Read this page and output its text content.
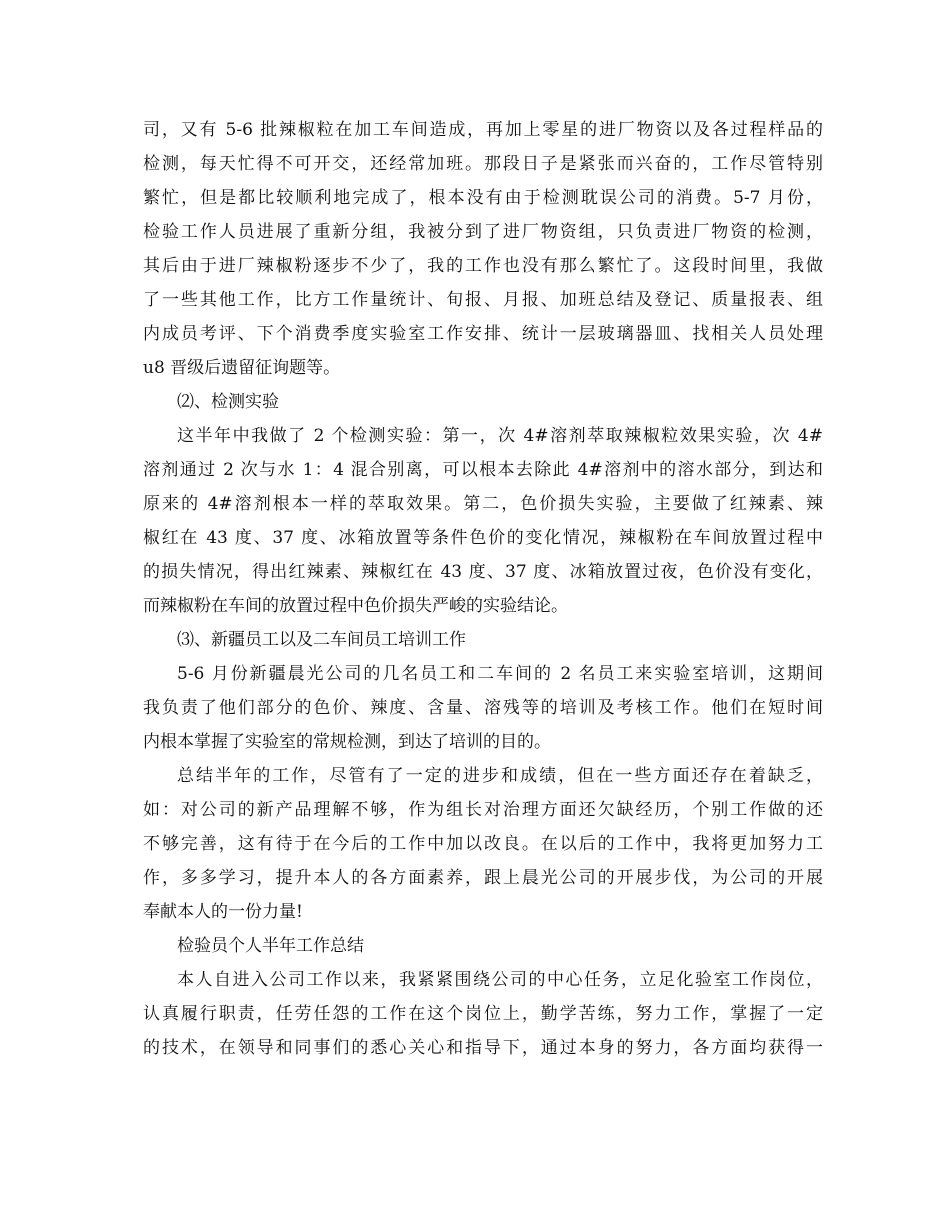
司，又有 5-6 批辣椒粒在加工车间造成，再加上零星的进厂物资以及各过程样品的
检测，每天忙得不可开交，还经常加班。那段日子是紧张而兴奋的，工作尽管特别
繁忙，但是都比较顺利地完成了，根本没有由于检测耽误公司的消费。5-7 月份，
检验工作人员进展了重新分组，我被分到了进厂物资组，只负责进厂物资的检测，
其后由于进厂辣椒粉逐步不少了，我的工作也没有那么繁忙了。这段时间里，我做
了一些其他工作，比方工作量统计、旬报、月报、加班总结及登记、质量报表、组
内成员考评、下个消费季度实验室工作安排、统计一层玻璃器皿、找相关人员处理
u8 晋级后遗留征询题等。
⑵、检测实验
这半年中我做了 2 个检测实验：第一，次 4#溶剂萃取辣椒粒效果实验，次 4#
溶剂通过 2 次与水 1：4 混合别离，可以根本去除此 4#溶剂中的溶水部分，到达和
原来的 4#溶剂根本一样的萃取效果。第二，色价损失实验，主要做了红辣素、辣
椒红在 43 度、37 度、冰箱放置等条件色价的变化情况，辣椒粉在车间放置过程中
的损失情况，得出红辣素、辣椒红在 43 度、37 度、冰箱放置过夜，色价没有变化，
而辣椒粉在车间的放置过程中色价损失严峻的实验结论。
⑶、新疆员工以及二车间员工培训工作
5-6 月份新疆晨光公司的几名员工和二车间的 2 名员工来实验室培训，这期间
我负责了他们部分的色价、辣度、含量、溶残等的培训及考核工作。他们在短时间
内根本掌握了实验室的常规检测，到达了培训的目的。
总结半年的工作，尽管有了一定的进步和成绩，但在一些方面还存在着缺乏，
如：对公司的新产品理解不够，作为组长对治理方面还欠缺经历，个别工作做的还
不够完善，这有待于在今后的工作中加以改良。在以后的工作中，我将更加努力工
作，多多学习，提升本人的各方面素养，跟上晨光公司的开展步伐，为公司的开展
奉献本人的一份力量!
检验员个人半年工作总结
本人自进入公司工作以来，我紧紧围绕公司的中心任务，立足化验室工作岗位，
认真履行职责，任劳任怨的工作在这个岗位上，勤学苦练，努力工作，掌握了一定
的技术，在领导和同事们的悉心关心和指导下，通过本身的努力，各方面均获得一
